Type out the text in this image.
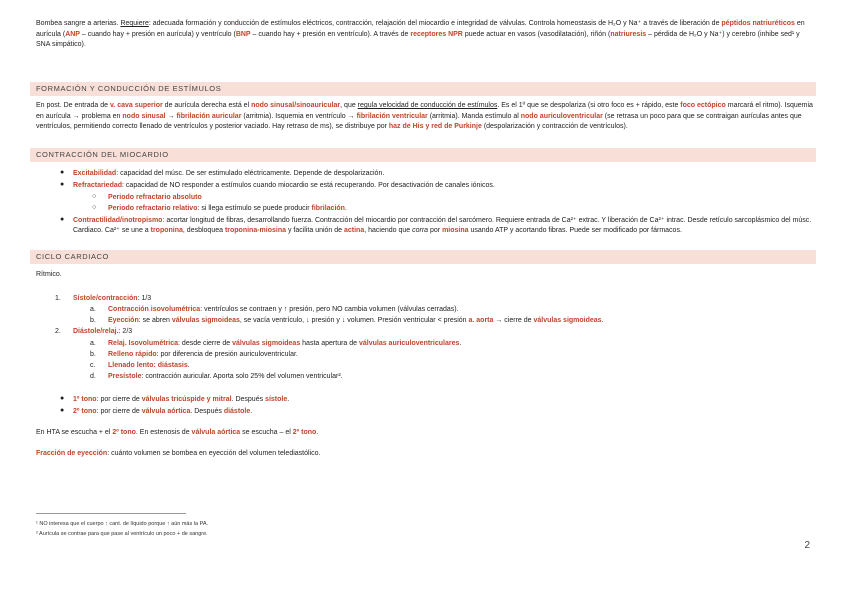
Bombea sangre a arterias. Requiere: adecuada formación y conducción de estímulos eléctricos, contracción, relajación del miocardio e integridad de válvulas. Controla homeostasis de H₂O y Na⁺ a través de liberación de péptidos natriuréticos en aurícula (ANP – cuando hay + presión en aurícula) y ventrículo (BNP – cuando hay + presión en ventrículo). A través de receptores NPR puede actuar en vasos (vasodilatación), riñón (natriuresis – pérdida de H₂O y Na⁺) y cerebro (inhibe sed¹ y SNA simpático).
FORMACIÓN Y CONDUCCIÓN DE ESTÍMULOS
En post. De entrada de v. cava superior de aurícula derecha está el nodo sinusal/sinoauricular, que regula velocidad de conducción de estímulos. Es el 1º que se despolariza (si otro foco es + rápido, este foco ectópico marcará el ritmo). Isquemia en aurícula → problema en nodo sinusal → fibrilación auricular (arritmia). Isquemia en ventrículo → fibrilación ventricular (arritmia). Manda estímulo al nodo auriculoventricular (se retrasa un poco para que se contraigan aurículas antes que ventrículos, permitiendo correcto llenado de ventrículos y posterior vaciado. Hay retraso de ms), se distribuye por haz de His y red de Purkinje (despolarización y contracción de ventrículos).
CONTRACCIÓN DEL MIOCARDIO
● Excitabilidad: capacidad del músc. De ser estimulado eléctricamente. Depende de despolarización.
● Refractariedad: capacidad de NO responder a estímulos cuando miocardio se está recuperando. Por desactivación de canales iónicos.
○ Periodo refractario absoluto
○ Periodo refractario relativo: si llega estímulo se puede producir fibrilación.
● Contractilidad/inotropismo: acortar longitud de fibras, desarrollando fuerza. Contracción del miocardio por contracción del sarcómero. Requiere entrada de Ca²⁺ extrac. Y liberación de Ca²⁺ intrac. Desde retículo sarcoplásmico del músc. Cardiaco. Ca²⁺ se une a troponina, desbloquea troponina-miosina y facilita unión de actina, haciendo que corra por miosina usando ATP y acortando fibras. Puede ser modificado por fármacos.
CICLO CARDIACO
Rítmico.
1. Sístole/contracción: 1/3
a. Contracción isovolumétrica: ventrículos se contraen y ↑ presión, pero NO cambia volumen (válvulas cerradas).
b. Eyección: se abren válvulas sigmoideas, se vacía ventrículo, ↓ presión y ↓ volumen. Presión ventricular < presión a. aorta → cierre de válvulas sigmoideas.
2. Diástole/relaj.: 2/3
a. Relaj. Isovolumétrica: desde cierre de válvulas sigmoideas hasta apertura de válvulas auriculoventriculares.
b. Relleno rápido: por diferencia de presión auriculoventricular.
c. Llenado lento: diástasis.
d. Presístole: contracción auricular. Aporta solo 25% del volumen ventricular².
● 1º tono: por cierre de válvulas tricúspide y mitral. Después sístole.
● 2º tono: por cierre de válvula aórtica. Después diástole.
En HTA se escucha + el 2º tono. En estenosis de válvula aórtica se escucha – el 2º tono.
Fracción de eyección: cuánto volumen se bombea en eyección del volumen telediastólico.
¹ NO interesa que el cuerpo ↑ cant. de líquido porque ↑ aún más la PA.
² Aurícula se contrae para que pase al ventrículo un poco + de sangre.
2
